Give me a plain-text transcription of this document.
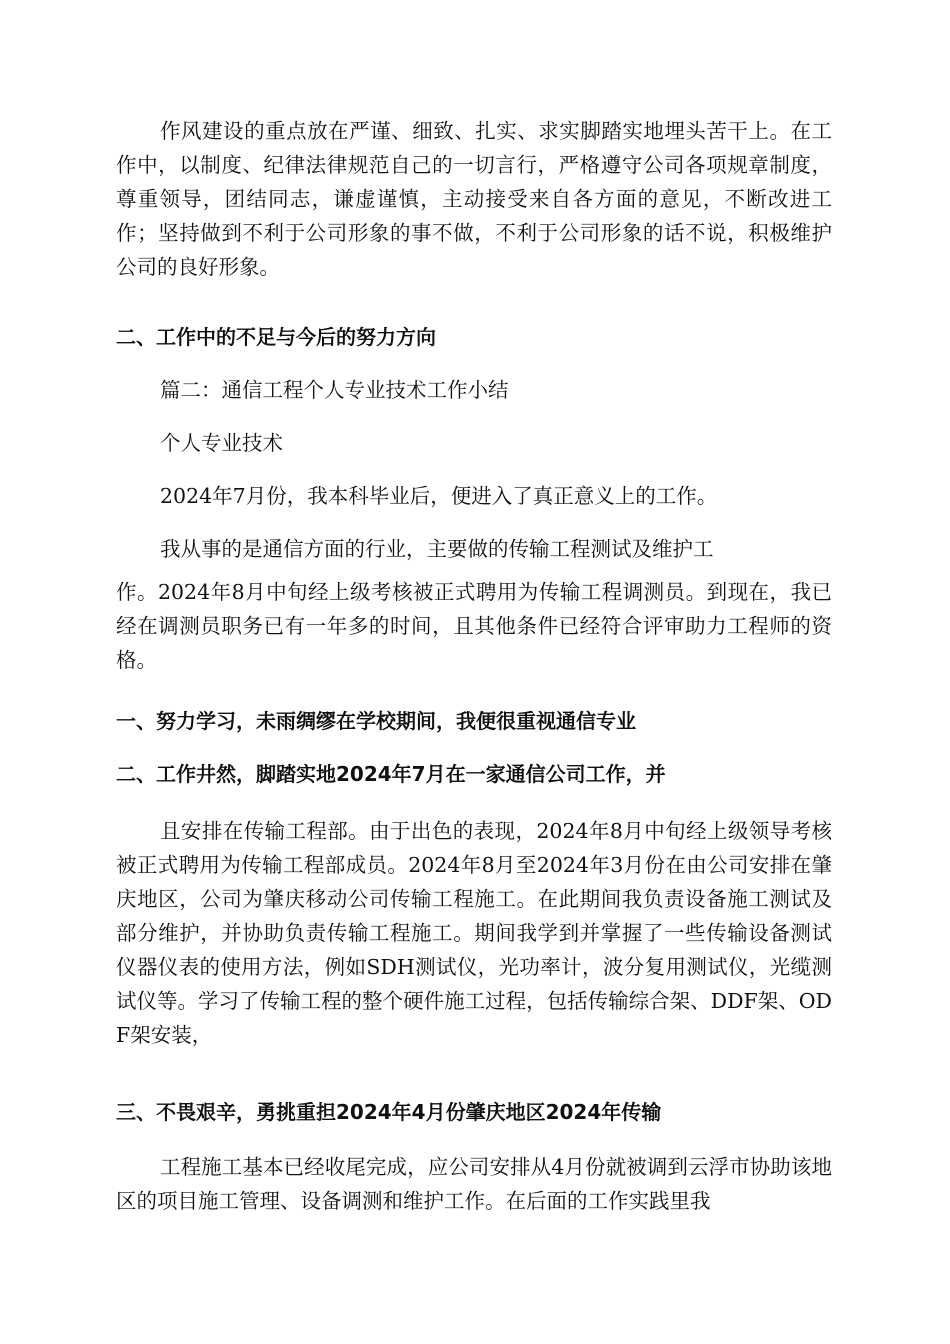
作风建设的重点放在严谨、细致、扎实、求实脚踏实地埋头苦干上。在工作中，以制度、纪律法律规范自己的一切言行，严格遵守公司各项规章制度，尊重领导，团结同志，谦虚谨慎，主动接受来自各方面的意见，不断改进工作；坚持做到不利于公司形象的事不做，不利于公司形象的话不说，积极维护公司的良好形象。

二、工作中的不足与今后的努力方向

篇二：通信工程个人专业技术工作小结

个人专业技术

2024年7月份，我本科毕业后，便进入了真正意义上的工作。

我从事的是通信方面的行业，主要做的传输工程测试及维护工

作。2024年8月中旬经上级考核被正式聘用为传输工程调测员。到现在，我已经在调测员职务已有一年多的时间，且其他条件已经符合评审助力工程师的资格。

一、努力学习，未雨绸缪在学校期间，我便很重视通信专业

二、工作井然，脚踏实地2024年7月在一家通信公司工作，并

且安排在传输工程部。由于出色的表现，2024年8月中旬经上级领导考核被正式聘用为传输工程部成员。2024年8月至2024年3月份在由公司安排在肇庆地区，公司为肇庆移动公司传输工程施工。在此期间我负责设备施工测试及部分维护，并协助负责传输工程施工。期间我学到并掌握了一些传输设备测试仪器仪表的使用方法，例如SDH测试仪，光功率计，波分复用测试仪，光缆测试仪等。学习了传输工程的整个硬件施工过程，包括传输综合架、DDF架、ODF架安装，

三、不畏艰辛，勇挑重担2024年4月份肇庆地区2024年传输

工程施工基本已经收尾完成，应公司安排从4月份就被调到云浮市协助该地区的项目施工管理、设备调测和维护工作。在后面的工作实践里我
